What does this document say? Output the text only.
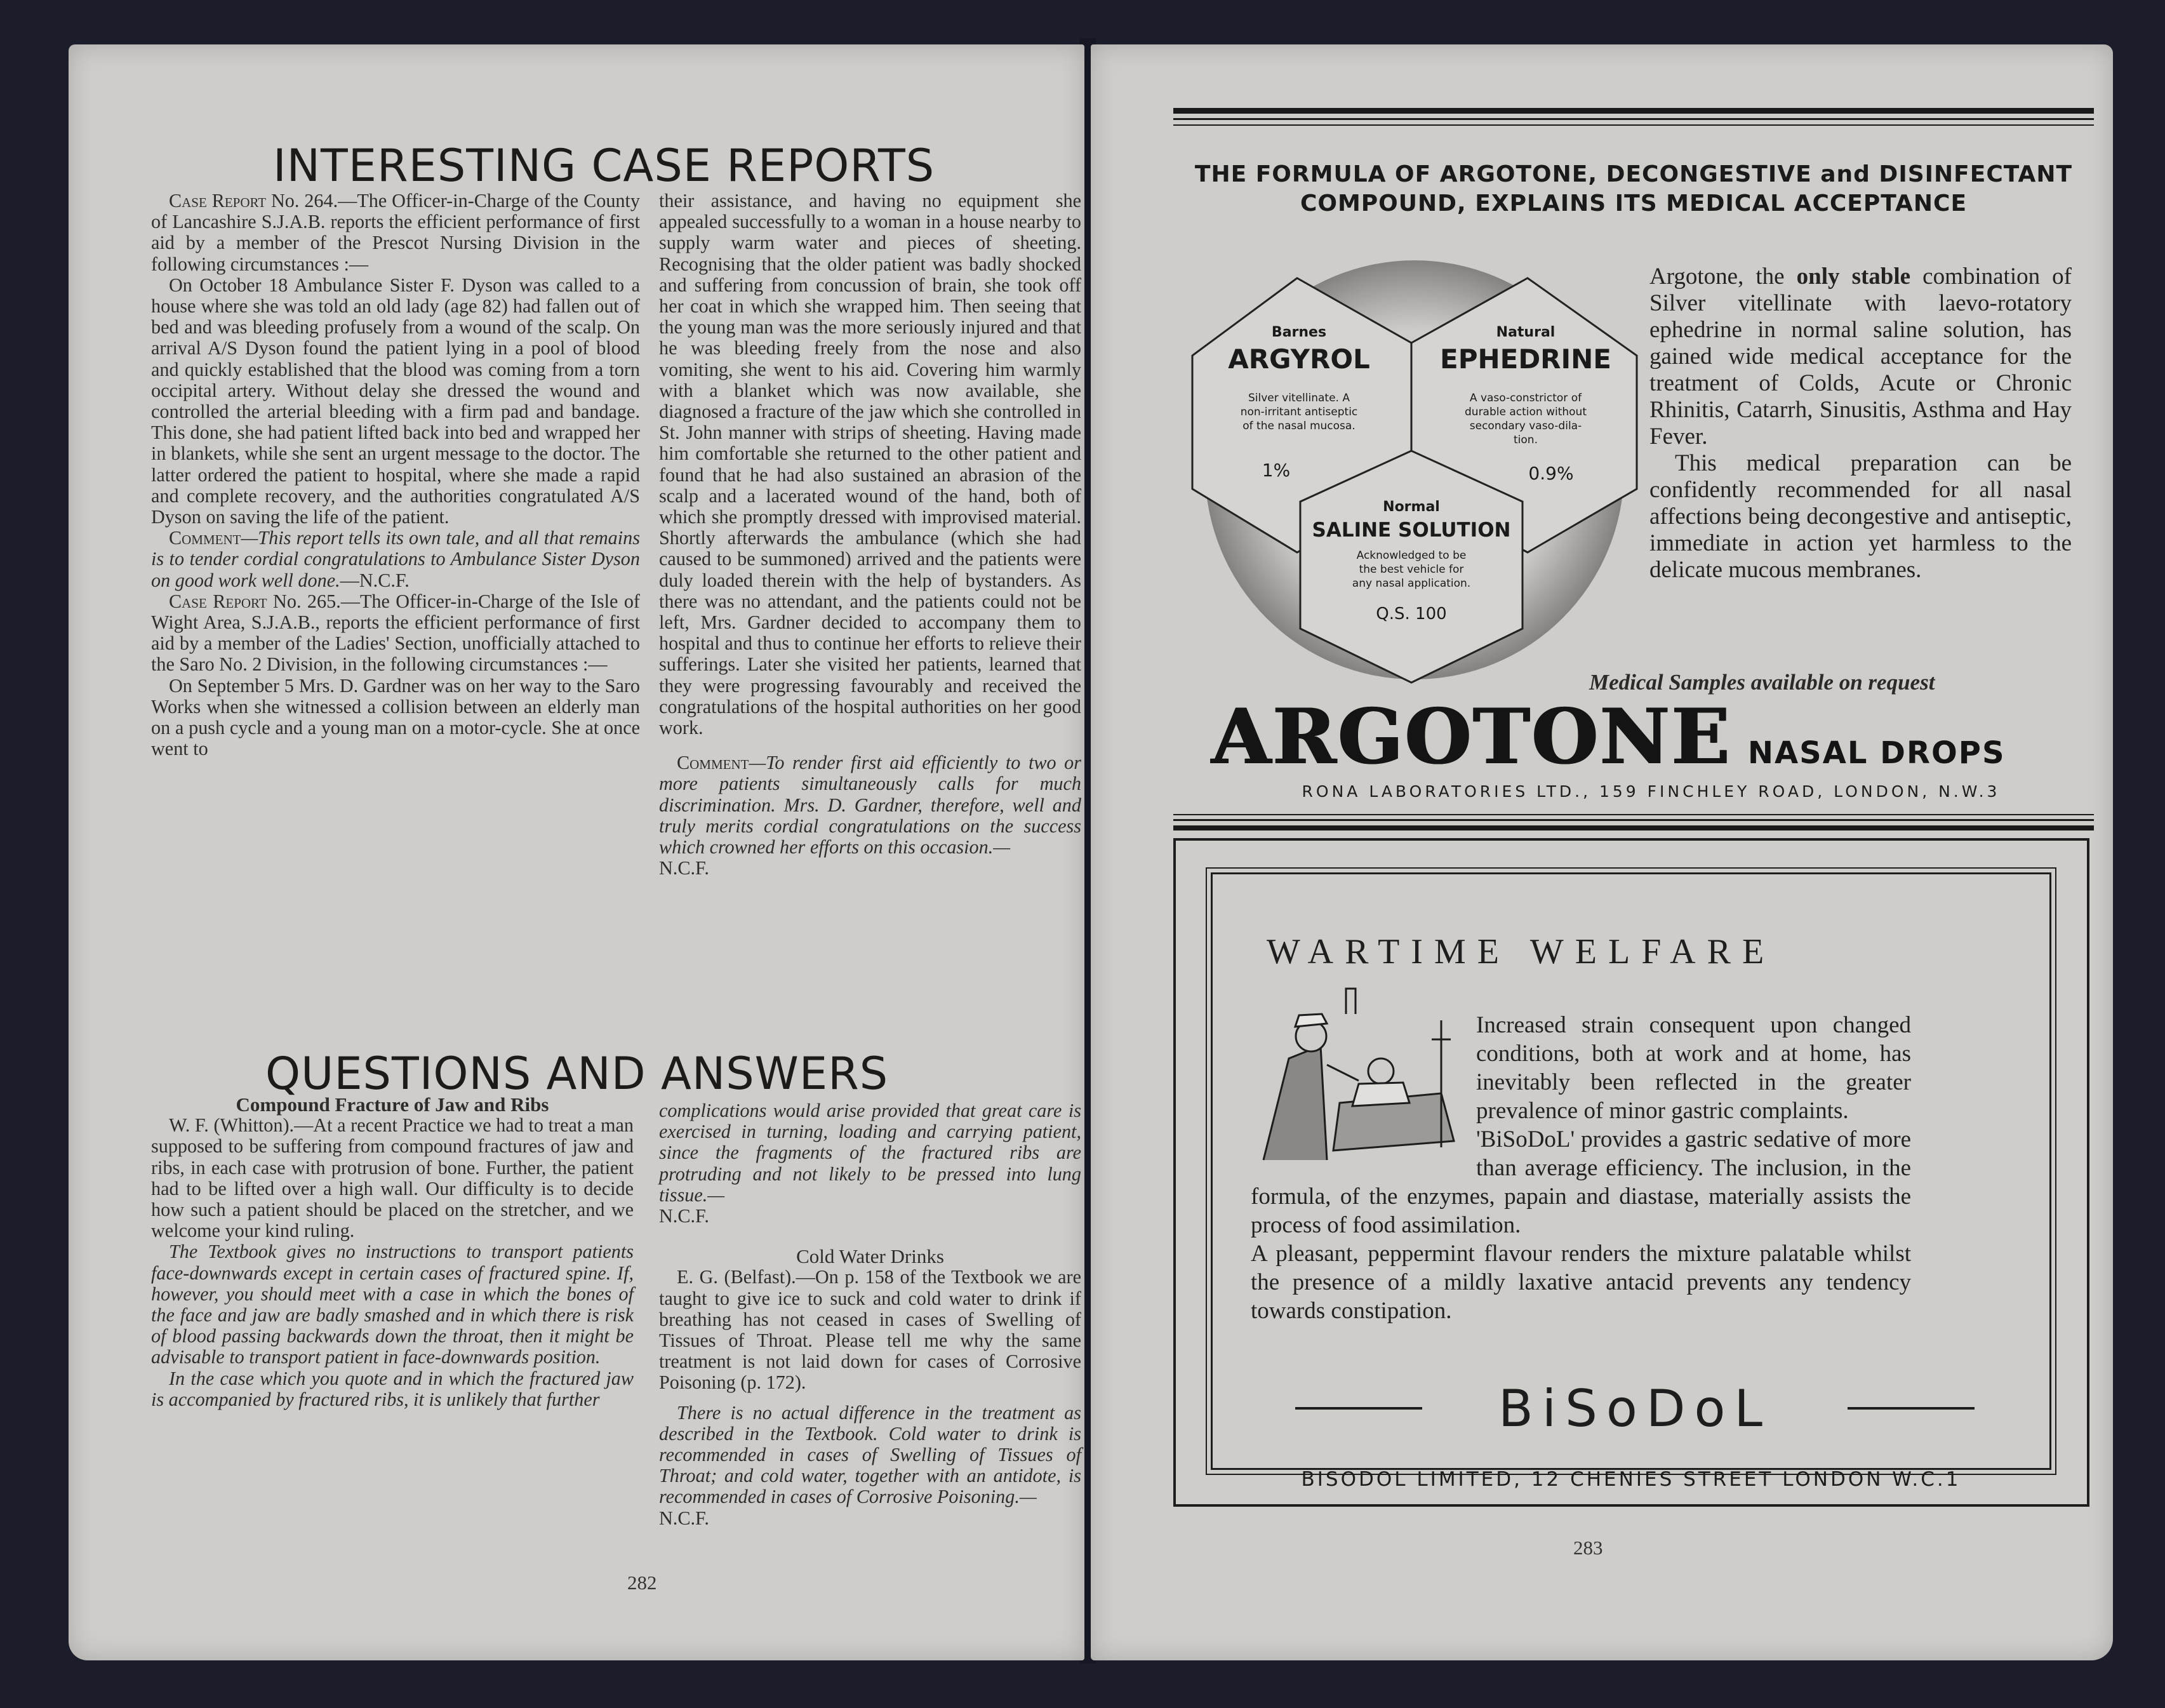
INTERESTING CASE REPORTS

Case Report No. 264.—The Officer-in-Charge of the County of Lancashire S.J.A.B. reports the efficient performance of first aid by a member of the Prescot Nursing Division in the following circumstances :—

On October 18 Ambulance Sister F. Dyson was called to a house where she was told an old lady (age 82) had fallen out of bed and was bleeding profusely from a wound of the scalp. On arrival A/S Dyson found the patient lying in a pool of blood and quickly established that the blood was coming from a torn occipital artery. Without delay she dressed the wound and controlled the arterial bleeding with a firm pad and bandage. This done, she had patient lifted back into bed and wrapped her in blankets, while she sent an urgent message to the doctor. The latter ordered the patient to hospital, where she made a rapid and complete recovery, and the authorities congratulated A/S Dyson on saving the life of the patient.

Comment—This report tells its own tale, and all that remains is to tender cordial congratulations to Ambulance Sister Dyson on good work well done.—N.C.F.

Case Report No. 265.—The Officer-in-Charge of the Isle of Wight Area, S.J.A.B., reports the efficient performance of first aid by a member of the Ladies' Section, unofficially attached to the Saro No. 2 Division, in the following circumstances :—

On September 5 Mrs. D. Gardner was on her way to the Saro Works when she witnessed a collision between an elderly man on a push cycle and a young man on a motor-cycle. She at once went to

their assistance, and having no equipment she appealed successfully to a woman in a house nearby to supply warm water and pieces of sheeting. Recognising that the older patient was badly shocked and suffering from concussion of brain, she took off her coat in which she wrapped him. Then seeing that the young man was the more seriously injured and that he was bleeding freely from the nose and also vomiting, she went to his aid. Covering him warmly with a blanket which was now available, she diagnosed a fracture of the jaw which she controlled in St. John manner with strips of sheeting. Having made him comfortable she returned to the other patient and found that he had also sustained an abrasion of the scalp and a lacerated wound of the hand, both of which she promptly dressed with improvised material. Shortly afterwards the ambulance (which she had caused to be summoned) arrived and the patients were duly loaded therein with the help of bystanders. As there was no attendant, and the patients could not be left, Mrs. Gardner decided to accompany them to hospital and thus to continue her efforts to relieve their sufferings. Later she visited her patients, learned that they were progressing favourably and received the congratulations of the hospital authorities on her good work.

Comment—To render first aid efficiently to two or more patients simultaneously calls for much discrimination. Mrs. D. Gardner, therefore, well and truly merits cordial congratulations on the success which crowned her efforts on this occasion.—
N.C.F.

QUESTIONS AND ANSWERS

Compound Fracture of Jaw and Ribs

W. F. (Whitton).—At a recent Practice we had to treat a man supposed to be suffering from compound fractures of jaw and ribs, in each case with protrusion of bone. Further, the patient had to be lifted over a high wall. Our difficulty is to decide how such a patient should be placed on the stretcher, and we welcome your kind ruling.

The Textbook gives no instructions to transport patients face-downwards except in certain cases of fractured spine. If, however, you should meet with a case in which the bones of the face and jaw are badly smashed and in which there is risk of blood passing backwards down the throat, then it might be advisable to transport patient in face-downwards position.

In the case which you quote and in which the fractured jaw is accompanied by fractured ribs, it is unlikely that further

complications would arise provided that great care is exercised in turning, loading and carrying patient, since the fragments of the fractured ribs are protruding and not likely to be pressed into lung tissue.—
N.C.F.

Cold Water Drinks

E. G. (Belfast).—On p. 158 of the Textbook we are taught to give ice to suck and cold water to drink if breathing has not ceased in cases of Swelling of Tissues of Throat. Please tell me why the same treatment is not laid down for cases of Corrosive Poisoning (p. 172).

There is no actual difference in the treatment as described in the Textbook. Cold water to drink is recommended in cases of Swelling of Tissues of Throat; and cold water, together with an antidote, is recommended in cases of Corrosive Poisoning.—
N.C.F.

282
THE FORMULA OF ARGOTONE, DECONGESTIVE and DISINFECTANT COMPOUND, EXPLAINS ITS MEDICAL ACCEPTANCE
Barnes
ARGYROL
Silver vitellinate. A
non-irritant antiseptic
of the nasal mucosa.
1%
Natural
EPHEDRINE
A vaso-constrictor of
durable action without
secondary vaso-dila-
tion.
0.9%
Normal
SALINE SOLUTION
Acknowledged to be
the best vehicle for
any nasal application.
Q.S. 100

Argotone, the only stable combination of Silver vitellinate with laevo-rotatory ephedrine in normal saline solution, has gained wide medical acceptance for the treatment of Colds, Acute or Chronic Rhinitis, Catarrh, Sinusitis, Asthma and Hay Fever.

This medical preparation can be confidently recommended for all nasal affections being decongestive and antiseptic, immediate in action yet harmless to the delicate mucous membranes.

Medical Samples available on request
ARGOTONE NASAL DROPS
RONA LABORATORIES LTD., 159 FINCHLEY ROAD, LONDON, N.W.3
WARTIME WELFARE

Increased strain consequent upon changed conditions, both at work and at home, has inevitably been reflected in the greater prevalence of minor gastric complaints.

'BiSoDoL' provides a gastric sedative of more than average efficiency. The inclusion, in the formula, of the enzymes, papain and diastase, materially assists the process of food assimilation.

A pleasant, peppermint flavour renders the mixture palatable whilst the presence of a mildly laxative antacid prevents any tendency towards constipation.

BiSoDoL
BISODOL LIMITED, 12 CHENIES STREET LONDON W.C.1
283
